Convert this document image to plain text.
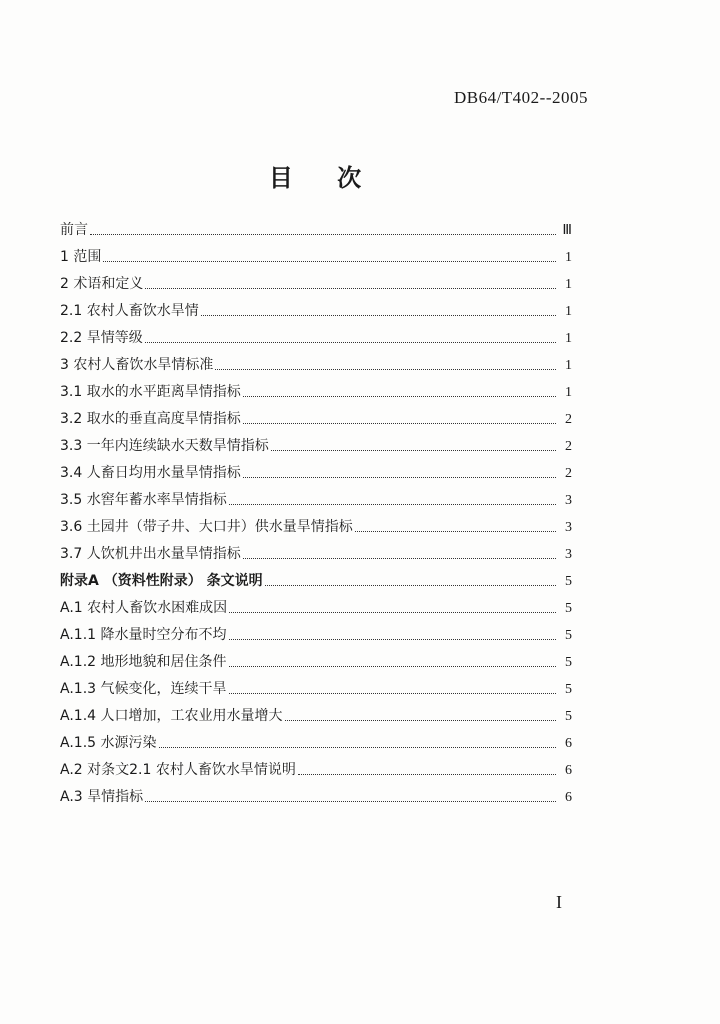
DB64/T402--2005
目 次
前言	Ⅲ
1 范围	1
2 术语和定义	1
2.1 农村人畜饮水旱情	1
2.2 旱情等级	1
3 农村人畜饮水旱情标准	1
3.1 取水的水平距离旱情指标	1
3.2 取水的垂直高度旱情指标	2
3.3 一年内连续缺水天数旱情指标	2
3.4 人畜日均用水量旱情指标	2
3.5 水窖年蓄水率旱情指标	3
3.6 土园井（带子井、大口井）供水量旱情指标	3
3.7 人饮机井出水量旱情指标	3
附录A （资料性附录） 条文说明	5
A.1 农村人畜饮水困难成因	5
A.1.1 降水量时空分布不均	5
A.1.2 地形地貌和居住条件	5
A.1.3 气候变化，连续干旱	5
A.1.4 人口增加，工农业用水量增大	5
A.1.5 水源污染	6
A.2 对条文2.1 农村人畜饮水旱情说明	6
A.3 旱情指标	6
I
